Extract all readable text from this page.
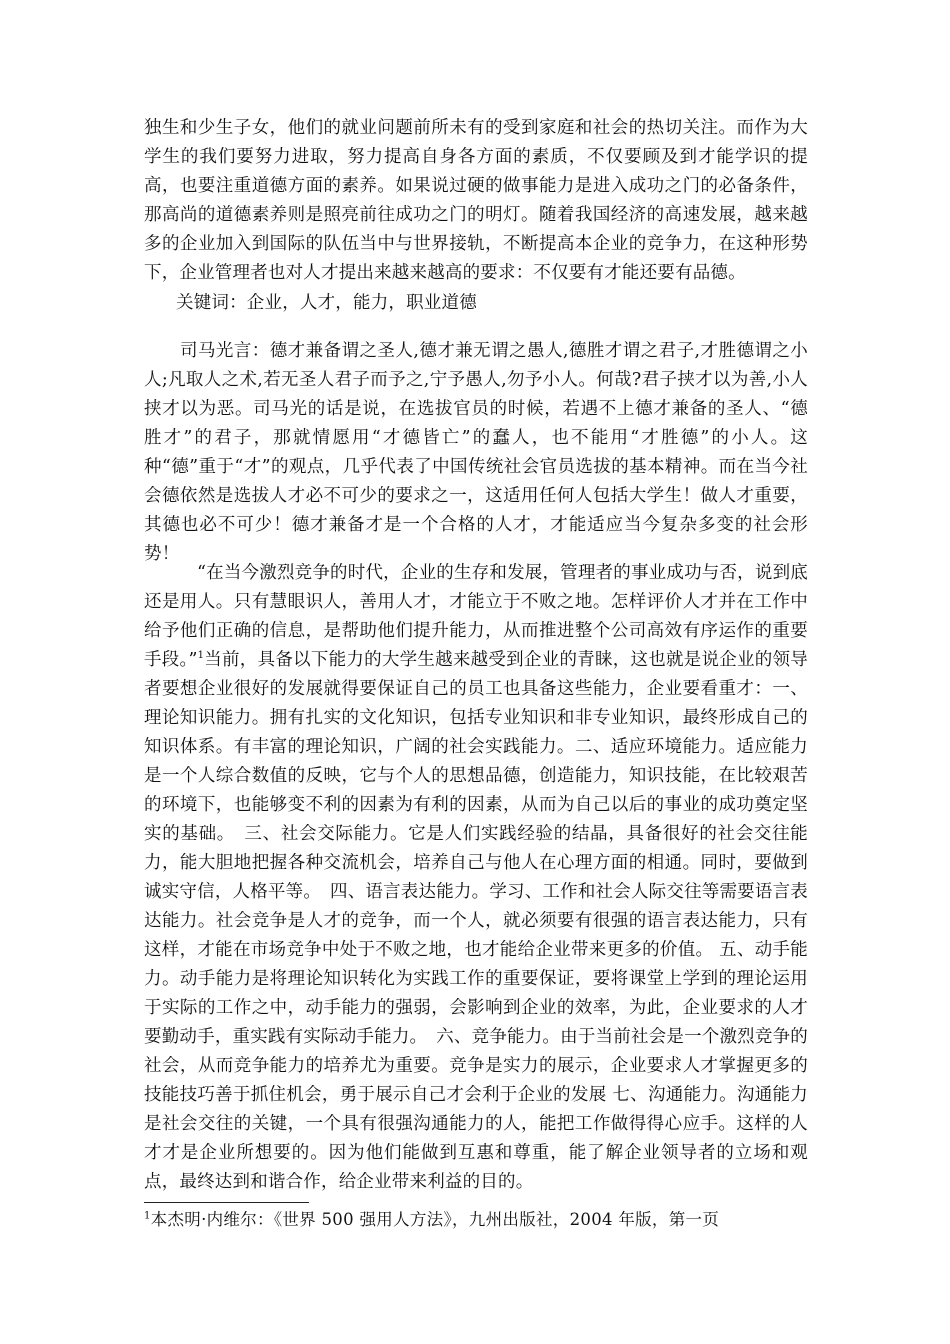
独生和少生子女，他们的就业问题前所未有的受到家庭和社会的热切关注。而作为大学生的我们要努力进取，努力提高自身各方面的素质，不仅要顾及到才能学识的提高，也要注重道德方面的素养。如果说过硬的做事能力是进入成功之门的必备条件，那高尚的道德素养则是照亮前往成功之门的明灯。随着我国经济的高速发展，越来越多的企业加入到国际的队伍当中与世界接轨，不断提高本企业的竞争力，在这种形势下，企业管理者也对人才提出来越来越高的要求：不仅要有才能还要有品德。

关键词：企业，人才，能力，职业道德

司马光言：德才兼备谓之圣人,德才兼无谓之愚人,德胜才谓之君子,才胜德谓之小人;凡取人之术,若无圣人君子而予之,宁予愚人,勿予小人。何哉?君子挟才以为善,小人挟才以为恶。司马光的话是说，在选拔官员的时候，若遇不上德才兼备的圣人、“德胜才”的君子，那就情愿用“才德皆亡”的蠢人，也不能用“才胜德”的小人。这种“德”重于“才”的观点，几乎代表了中国传统社会官员选拔的基本精神。而在当今社会德依然是选拔人才必不可少的要求之一，这适用任何人包括大学生！做人才重要，其德也必不可少！德才兼备才是一个合格的人才，才能适应当今复杂多变的社会形势！

“在当今激烈竞争的时代，企业的生存和发展，管理者的事业成功与否，说到底还是用人。只有慧眼识人，善用人才，才能立于不败之地。怎样评价人才并在工作中给予他们正确的信息，是帮助他们提升能力，从而推进整个公司高效有序运作的重要手段。”$^1$当前，具备以下能力的大学生越来越受到企业的青睐，这也就是说企业的领导者要想企业很好的发展就得要保证自己的员工也具备这些能力，企业要看重才：一、理论知识能力。拥有扎实的文化知识，包括专业知识和非专业知识，最终形成自己的知识体系。有丰富的理论知识，广阔的社会实践能力。二、适应环境能力。适应能力是一个人综合数值的反映，它与个人的思想品德，创造能力，知识技能，在比较艰苦的环境下，也能够变不利的因素为有利的因素，从而为自己以后的事业的成功奠定坚实的基础。　三、社会交际能力。它是人们实践经验的结晶，具备很好的社会交往能力，能大胆地把握各种交流机会，培养自己与他人在心理方面的相通。同时，要做到诚实守信，人格平等。　四、语言表达能力。学习、工作和社会人际交往等需要语言表达能力。社会竞争是人才的竞争，而一个人，就必须要有很强的语言表达能力，只有这样，才能在市场竞争中处于不败之地，也才能给企业带来更多的价值。 五、动手能力。动手能力是将理论知识转化为实践工作的重要保证，要将课堂上学到的理论运用于实际的工作之中，动手能力的强弱，会影响到企业的效率，为此，企业要求的人才要勤动手，重实践有实际动手能力。　六、竞争能力。由于当前社会是一个激烈竞争的社会，从而竞争能力的培养尤为重要。竞争是实力的展示，企业要求人才掌握更多的技能技巧善于抓住机会，勇于展示自己才会利于企业的发展 七、沟通能力。沟通能力是社会交往的关键，一个具有很强沟通能力的人，能把工作做得得心应手。这样的人才才是企业所想要的。因为他们能做到互惠和尊重，能了解企业领导者的立场和观点，最终达到和谐合作，给企业带来利益的目的。

$^1$本杰明·内维尔：《世界 500 强用人方法》，九州出版社，2004 年版，第一页
